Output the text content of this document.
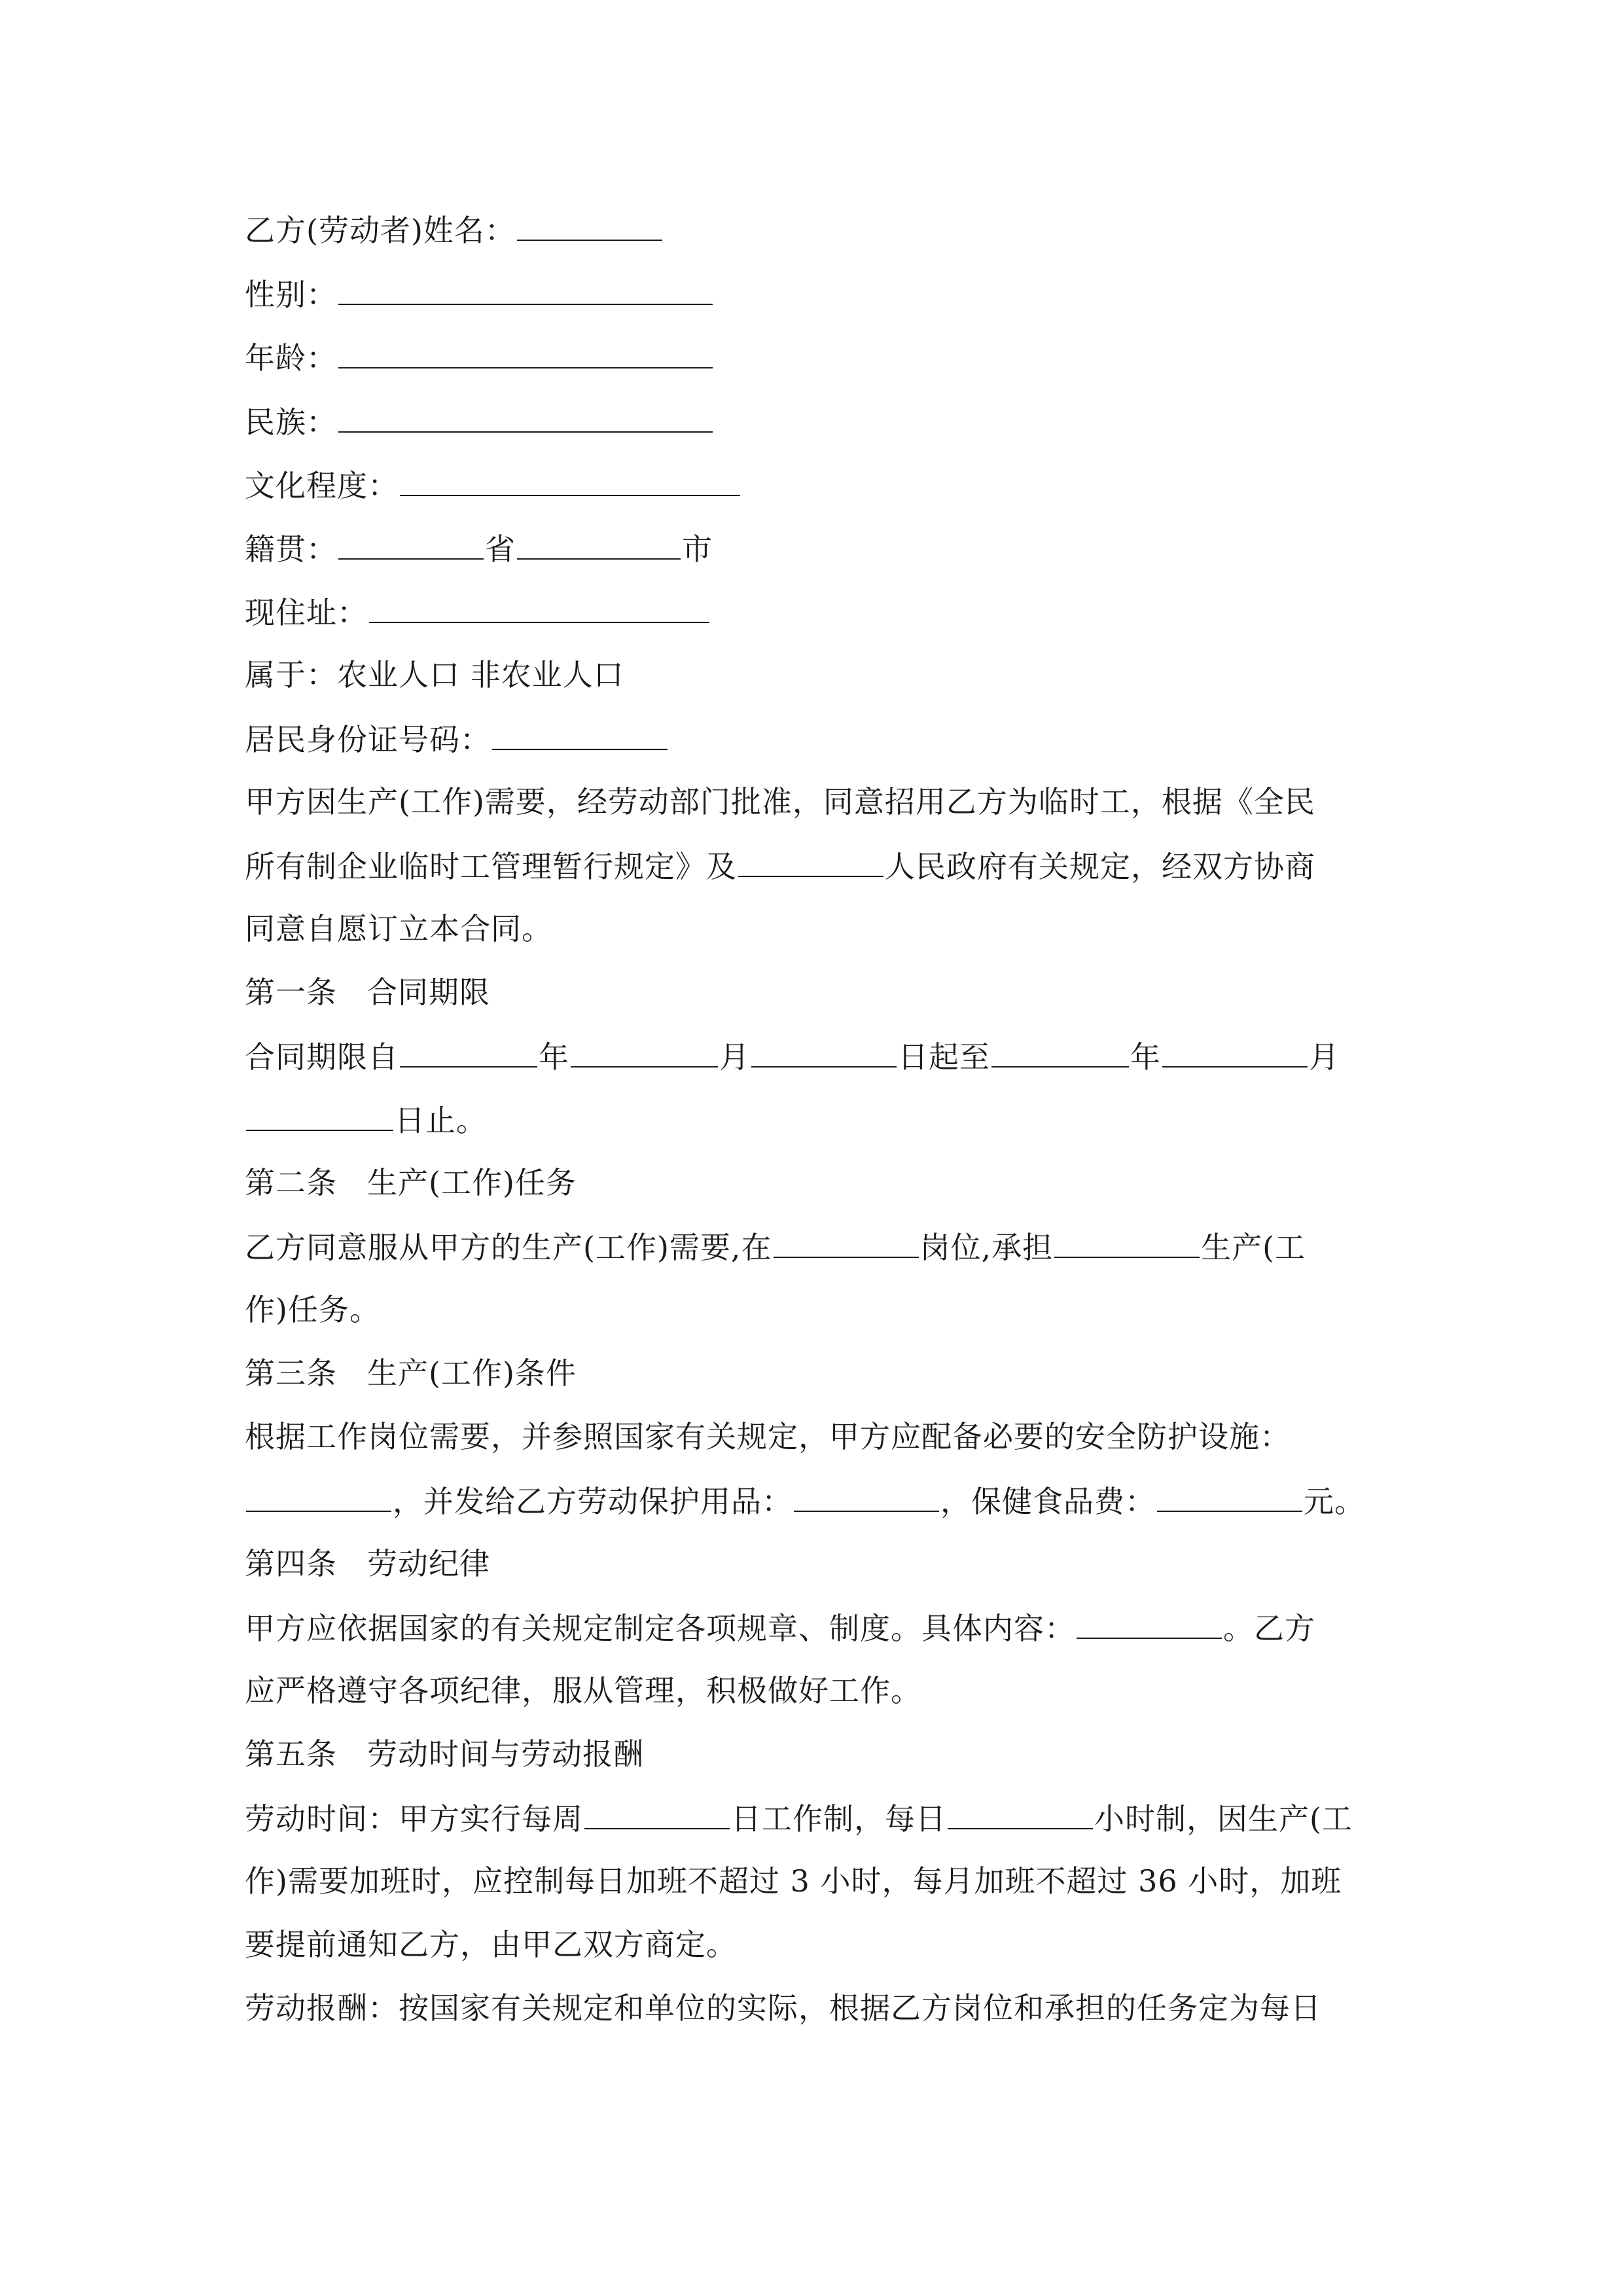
乙方(劳动者)姓名：
性别：
年龄：
民族：
文化程度：
籍贯：	省	市
现住址：
属于：农业人口 非农业人口
居民身份证号码：
甲方因生产(工作)需要，经劳动部门批准，同意招用乙方为临时工，根据《全民
所有制企业临时工管理暂行规定》及	人民政府有关规定，经双方协商
同意自愿订立本合同。
第一条 合同期限
合同期限自	年	月	日起至	年	月
日止。
第二条 生产(工作)任务
乙方同意服从甲方的生产(工作)需要,在	岗位,承担	生产(工
作)任务。
第三条 生产(工作)条件
根据工作岗位需要，并参照国家有关规定，甲方应配备必要的安全防护设施：
，并发给乙方劳动保护用品：	，保健食品费：	元。
第四条 劳动纪律
甲方应依据国家的有关规定制定各项规章、制度。具体内容：	。乙方
应严格遵守各项纪律，服从管理，积极做好工作。
第五条 劳动时间与劳动报酬
劳动时间：甲方实行每周	日工作制，每日	小时制，因生产(工
作)需要加班时，应控制每日加班不超过 3 小时，每月加班不超过 36 小时，加班
要提前通知乙方，由甲乙双方商定。
劳动报酬：按国家有关规定和单位的实际，根据乙方岗位和承担的任务定为每日
